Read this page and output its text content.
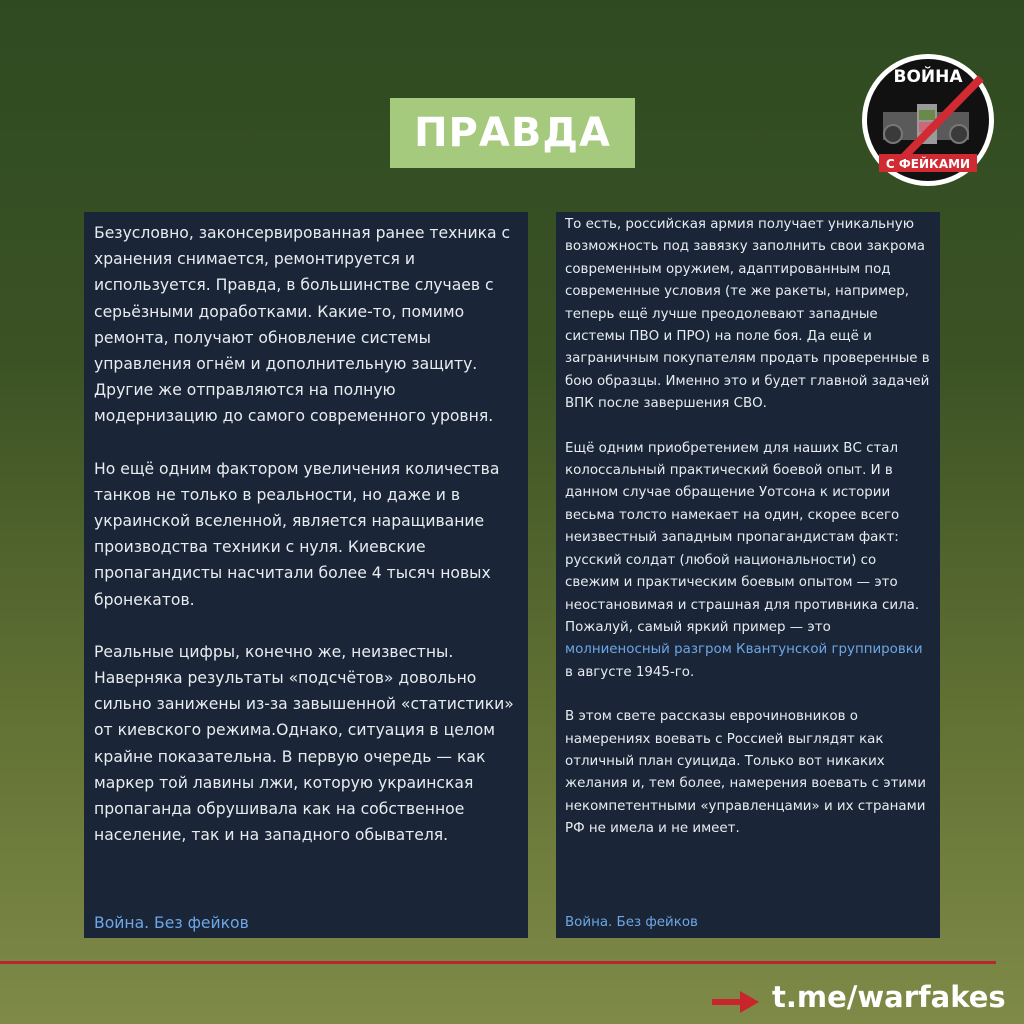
ПРАВДА
ВОЙНА
С ФЕЙКАМИ

Безусловно, законсервированная ранее техника с хранения снимается, ремонтируется и используется. Правда, в большинстве случаев с серьёзными доработками. Какие-то, помимо ремонта, получают обновление системы управления огнём и дополнительную защиту. Другие же отправляются на полную модернизацию до самого современного уровня.

Но ещё одним фактором увеличения количества танков не только в реальности, но даже и в украинской вселенной, является наращивание производства техники с нуля. Киевские пропагандисты насчитали более 4 тысяч новых бронекатов.

Реальные цифры, конечно же, неизвестны. Наверняка результаты «подсчётов» довольно сильно занижены из-за завышенной «статистики» от киевского режима.Однако, ситуация в целом крайне показательна. В первую очередь — как маркер той лавины лжи, которую украинская пропаганда обрушивала как на собственное население, так и на западного обывателя.

Война. Без фейков

То есть, российская армия получает уникальную возможность под завязку заполнить свои закрома современным оружием, адаптированным под современные условия (те же ракеты, например, теперь ещё лучше преодолевают западные системы ПВО и ПРО) на поле боя. Да ещё и заграничным покупателям продать проверенные в бою образцы. Именно это и будет главной задачей ВПК после завершения СВО.

Ещё одним приобретением для наших ВС стал колоссальный практический боевой опыт. И в данном случае обращение Уотсона к истории весьма толсто намекает на один, скорее всего неизвестный западным пропагандистам факт: русский солдат (любой национальности) со свежим и практическим боевым опытом — это неостановимая и страшная для противника сила. Пожалуй, самый яркий пример — это молниеносный разгром Квантунской группировки в августе 1945-го.

В этом свете рассказы еврочиновников о намерениях воевать с Россией выглядят как отличный план суицида. Только вот никаких желания и, тем более, намерения воевать с этими некомпетентными «управленцами» и их странами РФ не имела и не имеет.

Война. Без фейков
t.me/warfakes
